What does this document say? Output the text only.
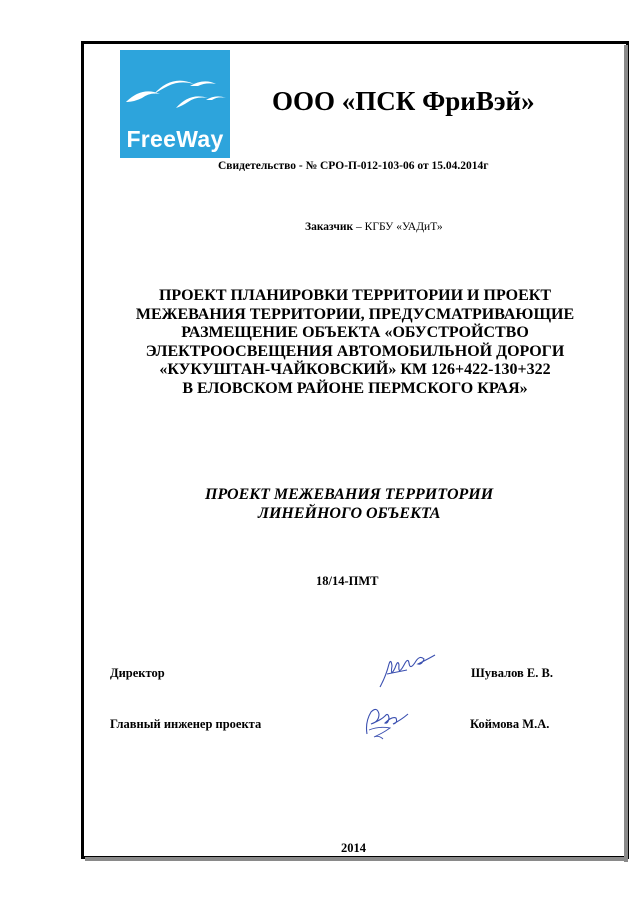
FreeWay
ООО «ПСК ФриВэй»
Свидетельство - № СРО-П-012-103-06 от 15.04.2014г
Заказчик – КГБУ «УАДиТ»
ПРОЕКТ ПЛАНИРОВКИ ТЕРРИТОРИИ И ПРОЕКТ
МЕЖЕВАНИЯ ТЕРРИТОРИИ, ПРЕДУСМАТРИВАЮЩИЕ
РАЗМЕЩЕНИЕ ОБЪЕКТА «ОБУСТРОЙСТВО
ЭЛЕКТРООСВЕЩЕНИЯ АВТОМОБИЛЬНОЙ ДОРОГИ
«КУКУШТАН-ЧАЙКОВСКИЙ» КМ 126+422-130+322
В ЕЛОВСКОМ РАЙОНЕ ПЕРМСКОГО КРАЯ»
ПРОЕКТ МЕЖЕВАНИЯ ТЕРРИТОРИИ
ЛИНЕЙНОГО ОБЪЕКТА
18/14-ПМТ
Директор	Шувалов Е. В.
Главный инженер проекта	Коймова М.А.
2014
